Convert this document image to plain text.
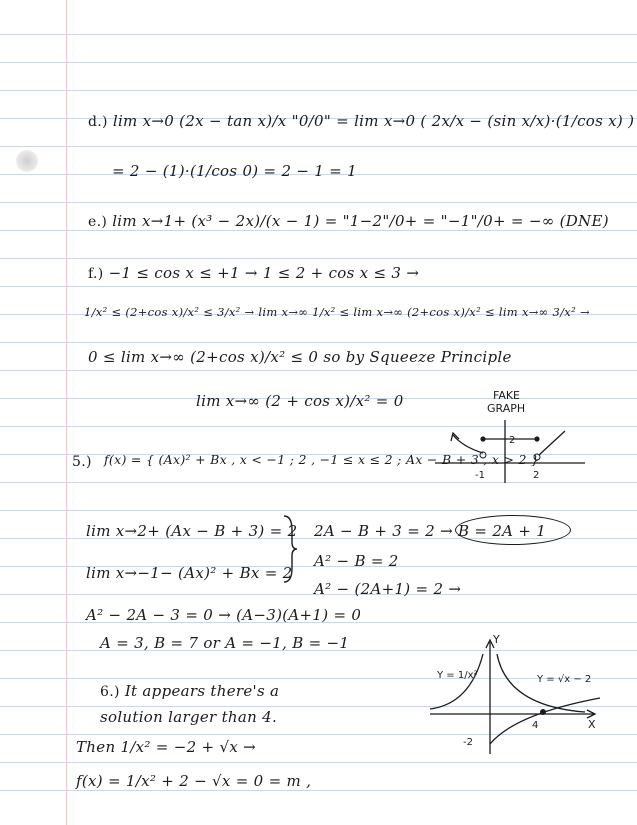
d.) lim x→0 (2x − tan x)/x "0/0" = lim x→0 ( 2x/x − (sin x/x)·(1/cos x) )
= 2 − (1)·(1/cos 0) = 2 − 1 = 1
e.) lim x→1+ (x³ − 2x)/(x − 1) = "1−2"/0+ = "−1"/0+ = −∞ (DNE)
f.) −1 ≤ cos x ≤ +1 → 1 ≤ 2 + cos x ≤ 3 →
1/x² ≤ (2+cos x)/x² ≤ 3/x² → lim x→∞ 1/x² ≤ lim x→∞ (2+cos x)/x² ≤ lim x→∞ 3/x² →
0 ≤ lim x→∞ (2+cos x)/x² ≤ 0 so by Squeeze Principle
lim x→∞ (2 + cos x)/x² = 0
5.) f(x) = { (Ax)² + Bx , x < −1 ; 2 , −1 ≤ x ≤ 2 ; Ax − B + 3 , x > 2 }
FAKE
GRAPH
2
-1	2
lim x→2+ (Ax − B + 3) = 2
lim x→−1− (Ax)² + Bx = 2
2A − B + 3 = 2 → B = 2A + 1
A² − B = 2
A² − (2A+1) = 2 →
A² − 2A − 3 = 0 → (A−3)(A+1) = 0
A = 3, B = 7 or A = −1, B = −1
6.) It appears there's a
solution larger than 4.
Then 1/x² = −2 + √x →
f(x) = 1/x² + 2 − √x = 0 = m ,
Y
X
Y = 1/x²	Y = √x − 2
-2
4
